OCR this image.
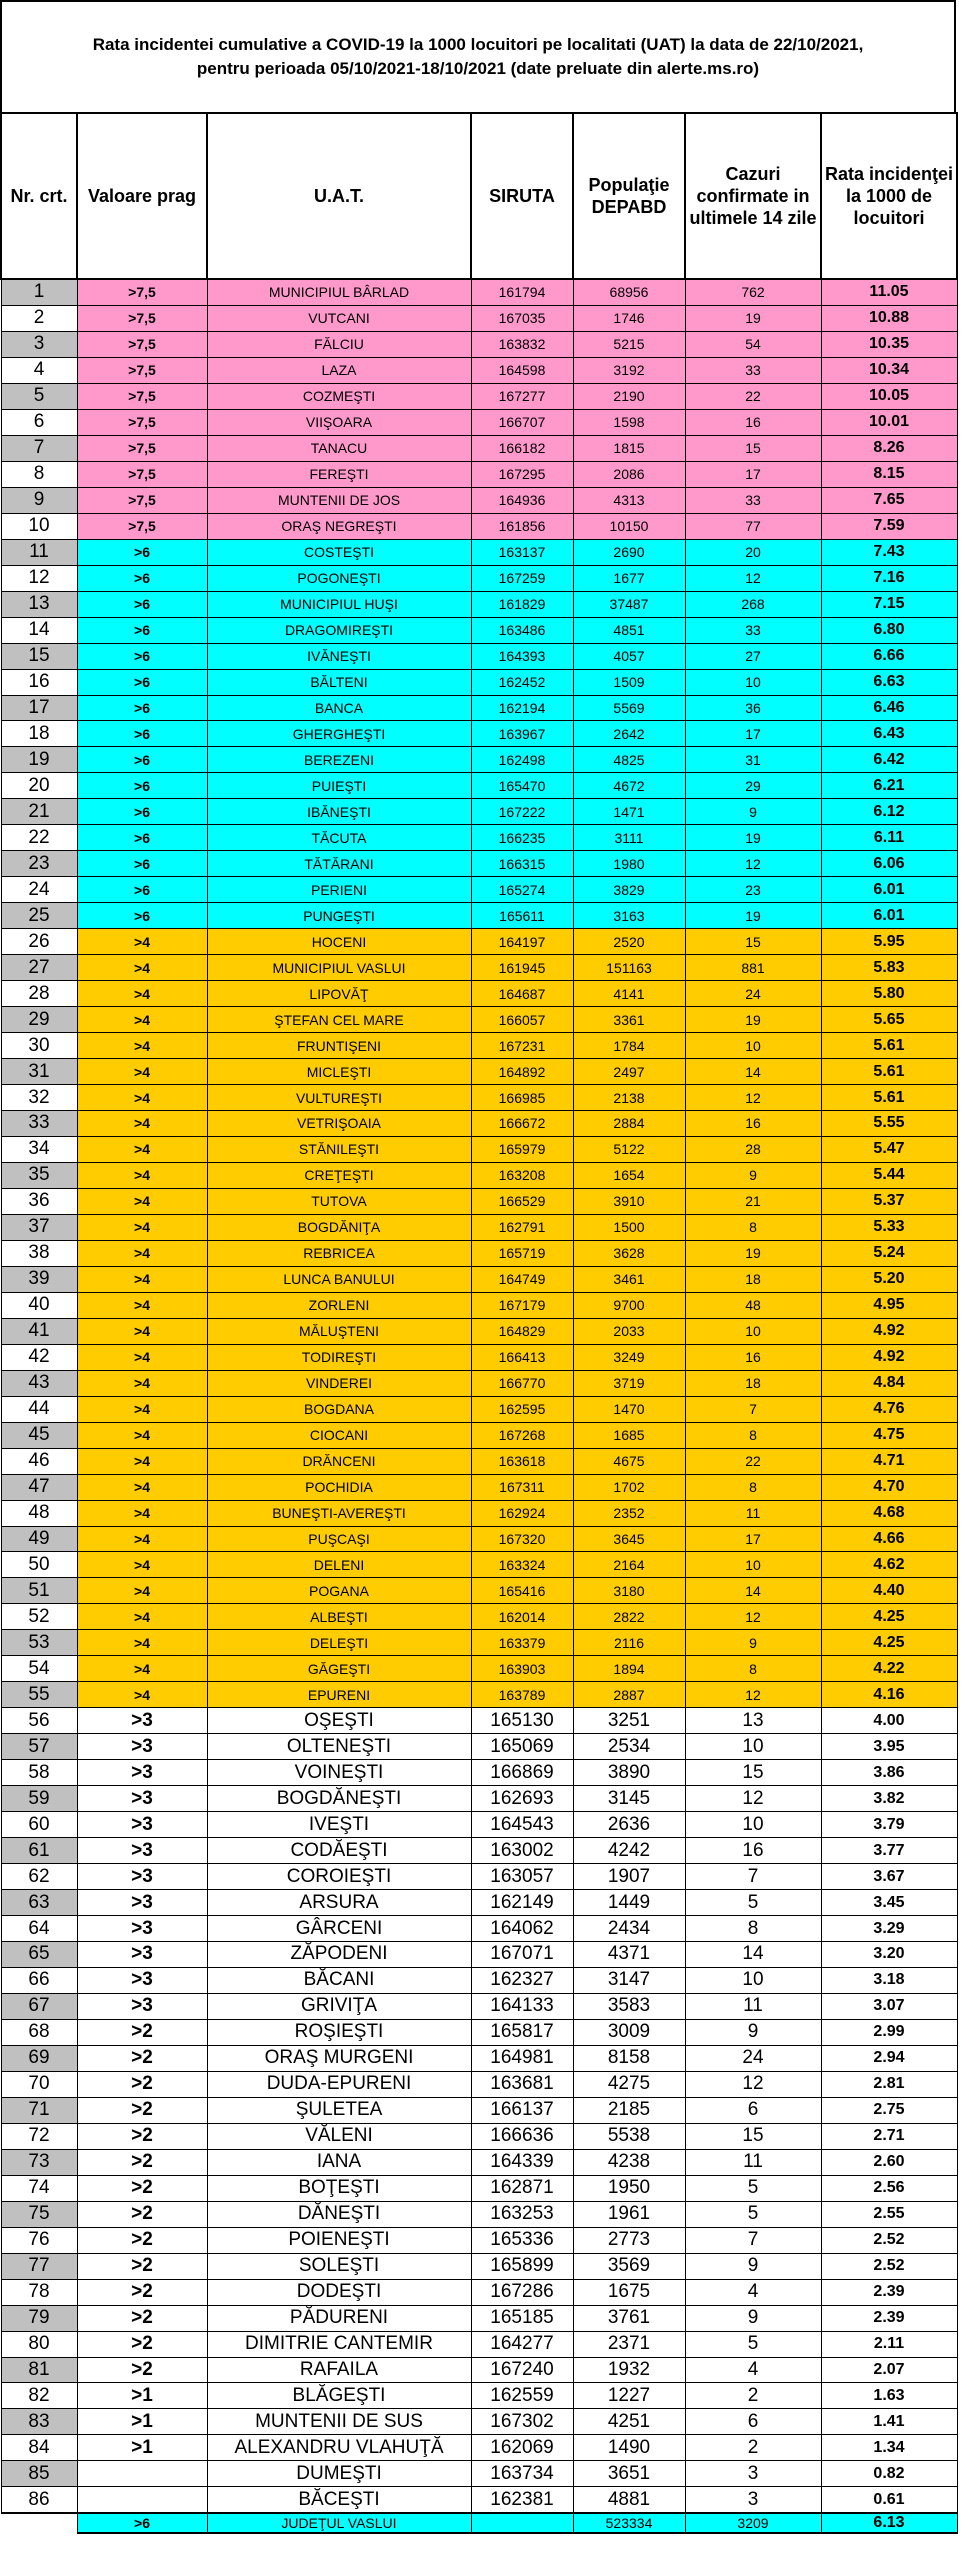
Rata incidentei cumulative a COVID-19 la 1000 locuitori pe localitati (UAT) la data de 22/10/2021,
pentru perioada 05/10/2021-18/10/2021 (date preluate din alerte.ms.ro)
Nr. crt.	Valoare prag	U.A.T.	SIRUTA	Populaţie DEPABD	Cazuri confirmate in ultimele 14 zile	Rata incidenţei la 1000 de locuitori
1	>7,5	MUNICIPIUL BÂRLAD	161794	68956	762	11.05
2	>7,5	VUTCANI	167035	1746	19	10.88
3	>7,5	FĂLCIU	163832	5215	54	10.35
4	>7,5	LAZA	164598	3192	33	10.34
5	>7,5	COZMEŞTI	167277	2190	22	10.05
6	>7,5	VIIŞOARA	166707	1598	16	10.01
7	>7,5	TANACU	166182	1815	15	8.26
8	>7,5	FEREŞTI	167295	2086	17	8.15
9	>7,5	MUNTENII DE JOS	164936	4313	33	7.65
10	>7,5	ORAŞ NEGREŞTI	161856	10150	77	7.59
11	>6	COSTEŞTI	163137	2690	20	7.43
12	>6	POGONEŞTI	167259	1677	12	7.16
13	>6	MUNICIPIUL HUŞI	161829	37487	268	7.15
14	>6	DRAGOMIREŞTI	163486	4851	33	6.80
15	>6	IVĂNEŞTI	164393	4057	27	6.66
16	>6	BĂLTENI	162452	1509	10	6.63
17	>6	BANCA	162194	5569	36	6.46
18	>6	GHERGHEŞTI	163967	2642	17	6.43
19	>6	BEREZENI	162498	4825	31	6.42
20	>6	PUIEŞTI	165470	4672	29	6.21
21	>6	IBĂNEŞTI	167222	1471	9	6.12
22	>6	TĂCUTA	166235	3111	19	6.11
23	>6	TĂTĂRANI	166315	1980	12	6.06
24	>6	PERIENI	165274	3829	23	6.01
25	>6	PUNGEŞTI	165611	3163	19	6.01
26	>4	HOCENI	164197	2520	15	5.95
27	>4	MUNICIPIUL VASLUI	161945	151163	881	5.83
28	>4	LIPOVĂŢ	164687	4141	24	5.80
29	>4	ŞTEFAN CEL MARE	166057	3361	19	5.65
30	>4	FRUNTIŞENI	167231	1784	10	5.61
31	>4	MICLEŞTI	164892	2497	14	5.61
32	>4	VULTUREŞTI	166985	2138	12	5.61
33	>4	VETRIŞOAIA	166672	2884	16	5.55
34	>4	STĂNILEŞTI	165979	5122	28	5.47
35	>4	CREŢEŞTI	163208	1654	9	5.44
36	>4	TUTOVA	166529	3910	21	5.37
37	>4	BOGDĂNIŢA	162791	1500	8	5.33
38	>4	REBRICEA	165719	3628	19	5.24
39	>4	LUNCA BANULUI	164749	3461	18	5.20
40	>4	ZORLENI	167179	9700	48	4.95
41	>4	MĂLUŞTENI	164829	2033	10	4.92
42	>4	TODIREŞTI	166413	3249	16	4.92
43	>4	VINDEREI	166770	3719	18	4.84
44	>4	BOGDANA	162595	1470	7	4.76
45	>4	CIOCANI	167268	1685	8	4.75
46	>4	DRĂNCENI	163618	4675	22	4.71
47	>4	POCHIDIA	167311	1702	8	4.70
48	>4	BUNEŞTI-AVEREŞTI	162924	2352	11	4.68
49	>4	PUŞCAŞI	167320	3645	17	4.66
50	>4	DELENI	163324	2164	10	4.62
51	>4	POGANA	165416	3180	14	4.40
52	>4	ALBEŞTI	162014	2822	12	4.25
53	>4	DELEŞTI	163379	2116	9	4.25
54	>4	GĂGEŞTI	163903	1894	8	4.22
55	>4	EPURENI	163789	2887	12	4.16
56	>3	OŞEŞTI	165130	3251	13	4.00
57	>3	OLTENEŞTI	165069	2534	10	3.95
58	>3	VOINEŞTI	166869	3890	15	3.86
59	>3	BOGDĂNEŞTI	162693	3145	12	3.82
60	>3	IVEŞTI	164543	2636	10	3.79
61	>3	CODĂEŞTI	163002	4242	16	3.77
62	>3	COROIEŞTI	163057	1907	7	3.67
63	>3	ARSURA	162149	1449	5	3.45
64	>3	GÂRCENI	164062	2434	8	3.29
65	>3	ZĂPODENI	167071	4371	14	3.20
66	>3	BĂCANI	162327	3147	10	3.18
67	>3	GRIVIŢA	164133	3583	11	3.07
68	>2	ROŞIEŞTI	165817	3009	9	2.99
69	>2	ORAŞ MURGENI	164981	8158	24	2.94
70	>2	DUDA-EPURENI	163681	4275	12	2.81
71	>2	ŞULETEA	166137	2185	6	2.75
72	>2	VĂLENI	166636	5538	15	2.71
73	>2	IANA	164339	4238	11	2.60
74	>2	BOŢEŞTI	162871	1950	5	2.56
75	>2	DĂNEŞTI	163253	1961	5	2.55
76	>2	POIENEŞTI	165336	2773	7	2.52
77	>2	SOLEŞTI	165899	3569	9	2.52
78	>2	DODEŞTI	167286	1675	4	2.39
79	>2	PĂDURENI	165185	3761	9	2.39
80	>2	DIMITRIE CANTEMIR	164277	2371	5	2.11
81	>2	RAFAILA	167240	1932	4	2.07
82	>1	BLĂGEŞTI	162559	1227	2	1.63
83	>1	MUNTENII DE SUS	167302	4251	6	1.41
84	>1	ALEXANDRU VLAHUŢĂ	162069	1490	2	1.34
85		DUMEŞTI	163734	3651	3	0.82
86		BĂCEŞTI	162381	4881	3	0.61
	>6	JUDEŢUL VASLUI		523334	3209	6.13
